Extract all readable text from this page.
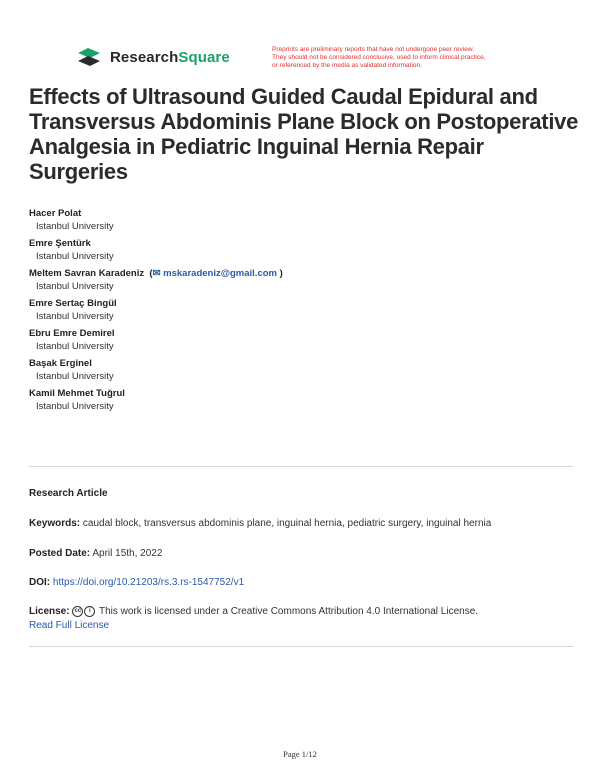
ResearchSquare	Preprints are preliminary reports that have not undergone peer review.
They should not be considered conclusive, used to inform clinical practice,
or referenced by the media as validated information.
Effects of Ultrasound Guided Caudal Epidural and Transversus Abdominis Plane Block on Postoperative Analgesia in Pediatric Inguinal Hernia Repair Surgeries
Hacer Polat
Istanbul University
Emre Şentürk
Istanbul University
Meltem Savran Karadeniz  (✉ mskaradeniz@gmail.com )
Istanbul University
Emre Sertaç Bingül
Istanbul University
Ebru Emre Demirel
Istanbul University
Başak Erginel
Istanbul University
Kamil Mehmet Tuğrul
Istanbul University
Research Article
Keywords: caudal block, transversus abdominis plane, inguinal hernia, pediatric surgery, inguinal hernia
Posted Date: April 15th, 2022
DOI: https://doi.org/10.21203/rs.3.rs-1547752/v1
License: cc i This work is licensed under a Creative Commons Attribution 4.0 International License.
Read Full License
Page 1/12
